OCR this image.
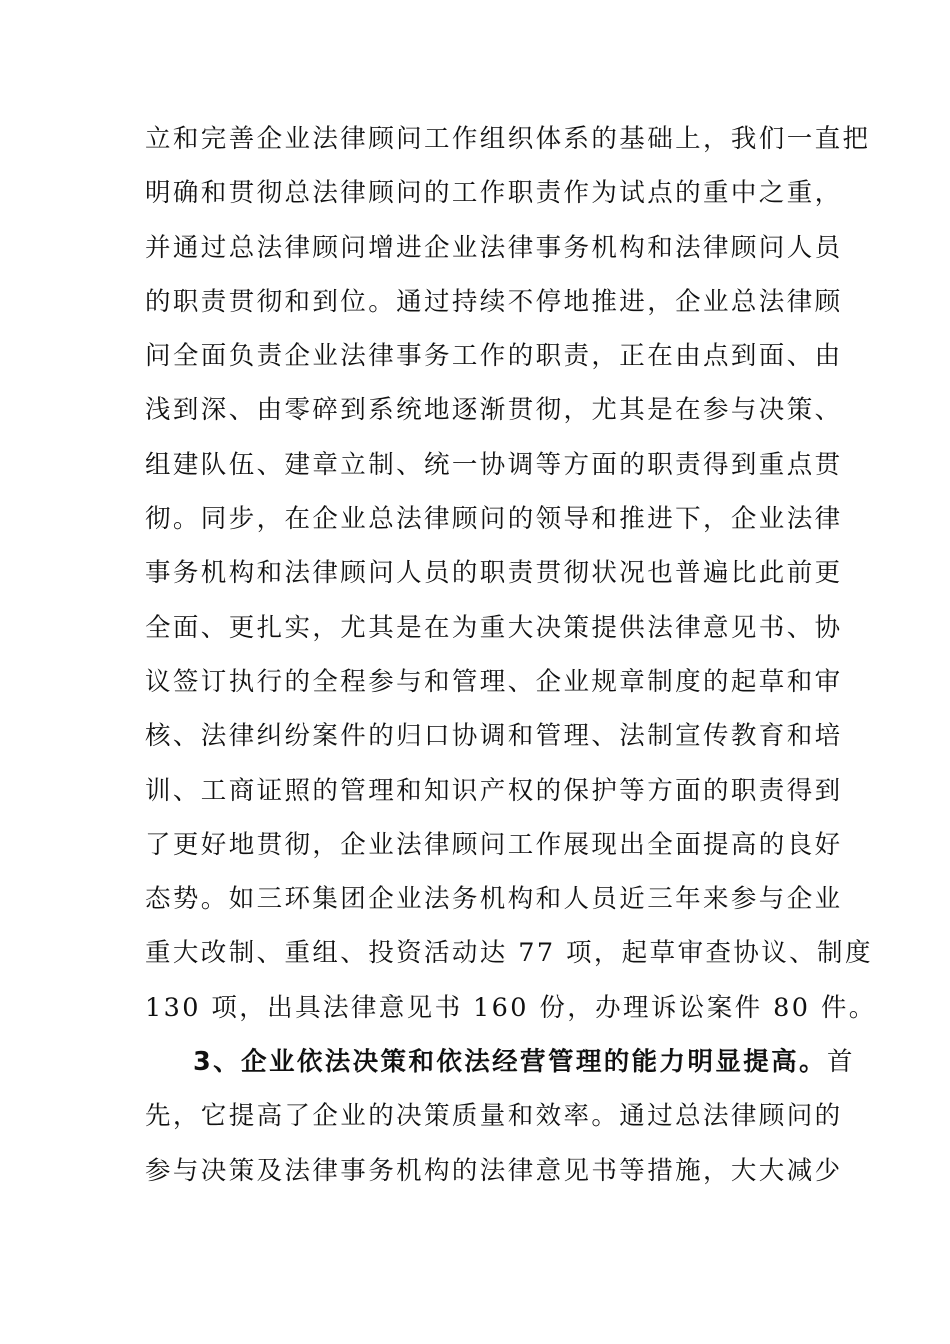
立和完善企业法律顾问工作组织体系的基础上，我们一直把
明确和贯彻总法律顾问的工作职责作为试点的重中之重，
并通过总法律顾问增进企业法律事务机构和法律顾问人员
的职责贯彻和到位。通过持续不停地推进，企业总法律顾
问全面负责企业法律事务工作的职责，正在由点到面、由
浅到深、由零碎到系统地逐渐贯彻，尤其是在参与决策、
组建队伍、建章立制、统一协调等方面的职责得到重点贯
彻。同步，在企业总法律顾问的领导和推进下，企业法律
事务机构和法律顾问人员的职责贯彻状况也普遍比此前更
全面、更扎实，尤其是在为重大决策提供法律意见书、协
议签订执行的全程参与和管理、企业规章制度的起草和审
核、法律纠纷案件的归口协调和管理、法制宣传教育和培
训、工商证照的管理和知识产权的保护等方面的职责得到
了更好地贯彻，企业法律顾问工作展现出全面提高的良好
态势。如三环集团企业法务机构和人员近三年来参与企业
重大改制、重组、投资活动达 77 项，起草审查协议、制度
130 项，出具法律意见书 160 份，办理诉讼案件 80 件。
3、企业依法决策和依法经营管理的能力明显提高。首
先，它提高了企业的决策质量和效率。通过总法律顾问的
参与决策及法律事务机构的法律意见书等措施，大大减少
